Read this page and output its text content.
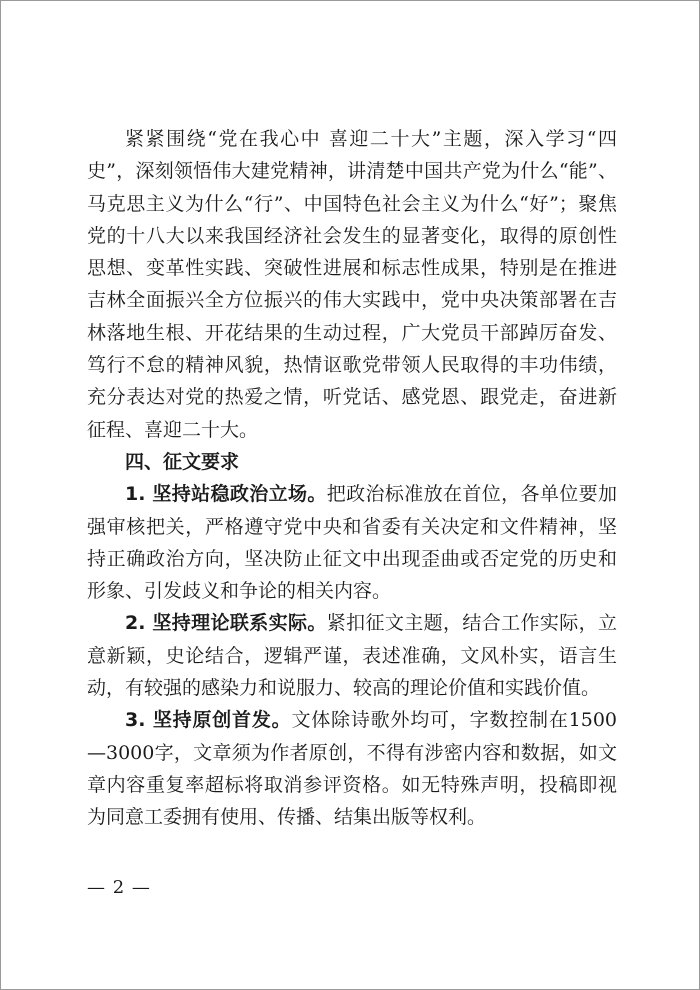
紧紧围绕“党在我心中 喜迎二十大”主题，深入学习“四史”，深刻领悟伟大建党精神，讲清楚中国共产党为什么“能”、马克思主义为什么“行”、中国特色社会主义为什么“好”；聚焦党的十八大以来我国经济社会发生的显著变化，取得的原创性思想、变革性实践、突破性进展和标志性成果，特别是在推进吉林全面振兴全方位振兴的伟大实践中，党中央决策部署在吉林落地生根、开花结果的生动过程，广大党员干部踔厉奋发、笃行不怠的精神风貌，热情讴歌党带领人民取得的丰功伟绩，充分表达对党的热爱之情，听党话、感党恩、跟党走，奋进新征程、喜迎二十大。

四、征文要求

1. 坚持站稳政治立场。把政治标准放在首位，各单位要加强审核把关，严格遵守党中央和省委有关决定和文件精神，坚持正确政治方向，坚决防止征文中出现歪曲或否定党的历史和形象、引发歧义和争论的相关内容。

2. 坚持理论联系实际。紧扣征文主题，结合工作实际，立意新颖，史论结合，逻辑严谨，表述准确，文风朴实，语言生动，有较强的感染力和说服力、较高的理论价值和实践价值。

3. 坚持原创首发。文体除诗歌外均可，字数控制在1500—3000字，文章须为作者原创，不得有涉密内容和数据，如文章内容重复率超标将取消参评资格。如无特殊声明，投稿即视为同意工委拥有使用、传播、结集出版等权利。

— 2 —
